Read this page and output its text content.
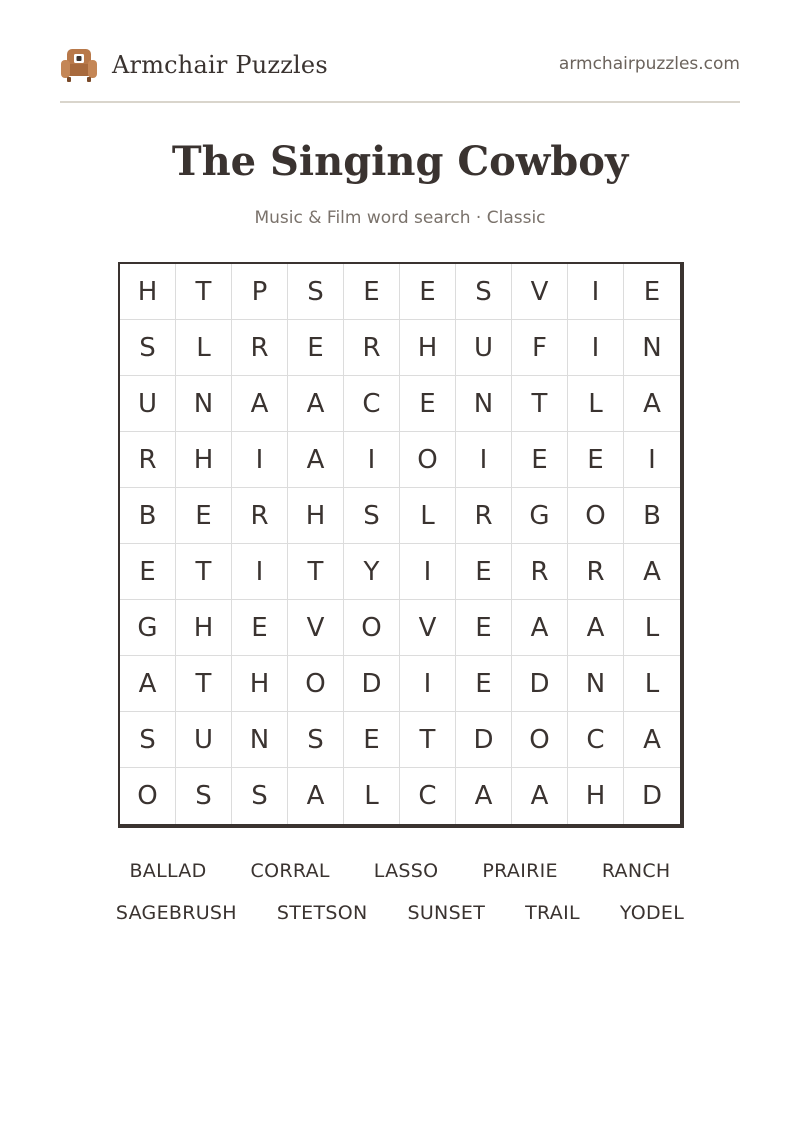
Armchair Puzzles	armchairpuzzles.com
The Singing Cowboy
Music & Film word search · Classic
H	T	P	S	E	E	S	V	I	E
S	L	R	E	R	H	U	F	I	N
U	N	A	A	C	E	N	T	L	A
R	H	I	A	I	O	I	E	E	I
B	E	R	H	S	L	R	G	O	B
E	T	I	T	Y	I	E	R	R	A
G	H	E	V	O	V	E	A	A	L
A	T	H	O	D	I	E	D	N	L
S	U	N	S	E	T	D	O	C	A
O	S	S	A	L	C	A	A	H	D
BALLAD CORRAL LASSO PRAIRIE RANCH
SAGEBRUSH STETSON SUNSET TRAIL YODEL
